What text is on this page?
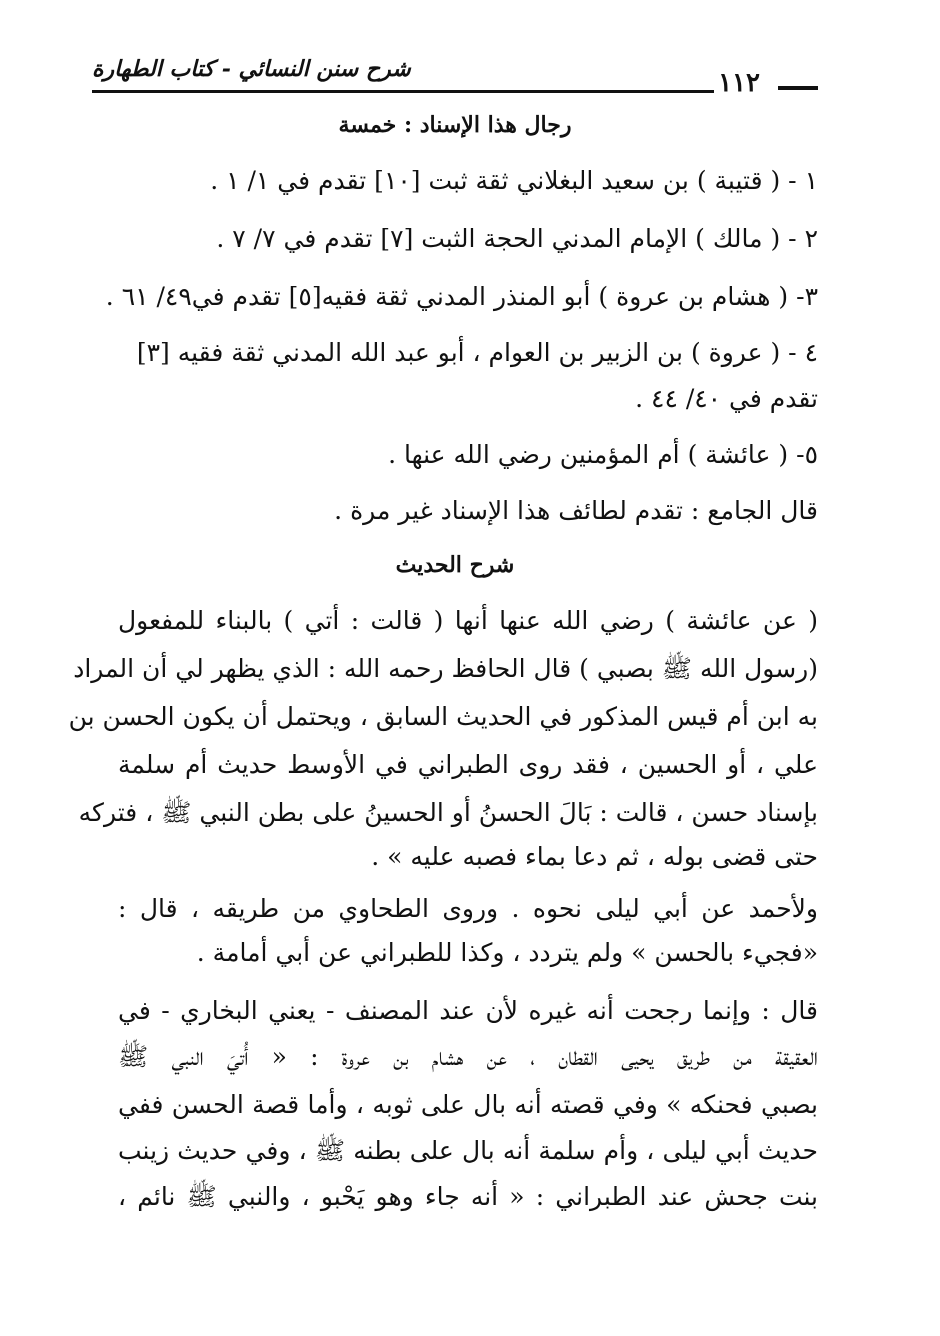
شرح سنن النسائي - كتاب الطهارة	١١٢
رجال هذا الإسناد : خمسة
١ - ( قتيبة ) بن سعيد البغلاني ثقة ثبت [١٠] تقدم في ١/ ١ .
٢ - ( مالك ) الإمام المدني الحجة الثبت [٧] تقدم في ٧/ ٧ .
٣- ( هشام بن عروة ) أبو المنذر المدني ثقة فقيه[٥] تقدم في٤٩/ ٦١ .
٤ - ( عروة ) بن الزبير بن العوام ، أبو عبد الله المدني ثقة فقيه [٣]
تقدم في ٤٠/ ٤٤ .
٥- ( عائشة ) أم المؤمنين رضي الله عنها .
قال الجامع : تقدم لطائف هذا الإسناد غير مرة .
شرح الحديث
( عن عائشة ) رضي الله عنها أنها ( قالت : أتي ) بالبناء للمفعول
(رسول الله ﷺ بصبي ) قال الحافظ رحمه الله : الذي يظهر لي أن المراد
به ابن أم قيس المذكور في الحديث السابق ، ويحتمل أن يكون الحسن بن
علي ، أو الحسين ، فقد روى الطبراني في الأوسط حديث أم سلمة
بإسناد حسن ، قالت : بَالَ الحسنُ أو الحسينُ على بطن النبي ﷺ ، فتركه
حتى قضى بوله ، ثم دعا بماء فصبه عليه » .
ولأحمد عن أبي ليلى نحوه . وروى الطحاوي من طريقه ، قال :
«فجيء بالحسن » ولم يتردد ، وكذا للطبراني عن أبي أمامة .
قال : وإنما رجحت أنه غيره لأن عند المصنف - يعني البخاري - في
العقيقة من طريق يحيى القطان ، عن هشام بن عروة : « أُتيَ النبي ﷺ
بصبي فحنكه » وفي قصته أنه بال على ثوبه ، وأما قصة الحسن ففي
حديث أبي ليلى ، وأم سلمة أنه بال على بطنه ﷺ ، وفي حديث زينب
بنت جحش عند الطبراني : « أنه جاء وهو يَحْبو ، والنبي ﷺ نائم ،
